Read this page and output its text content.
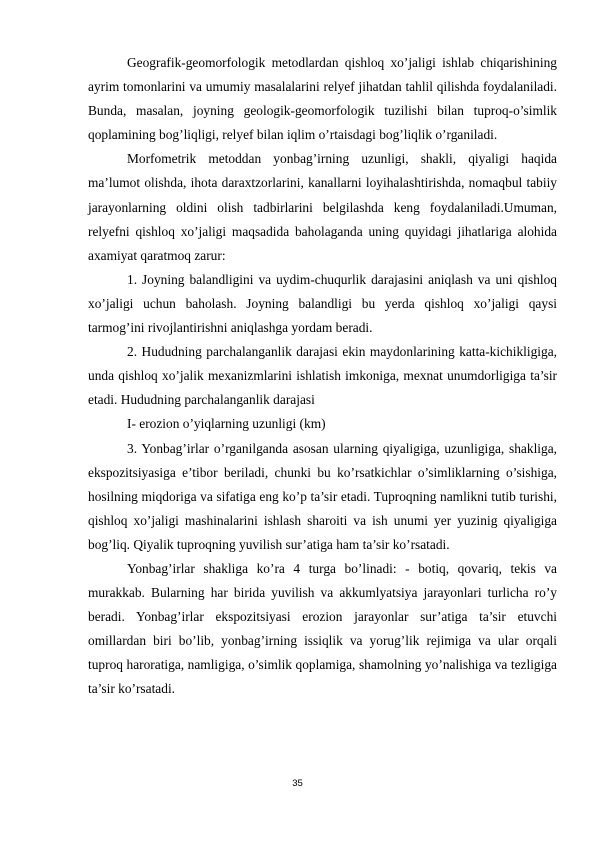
Geografik-geomorfologik metodlardan qishloq xo’jaligi ishlab chiqarishining ayrim tomonlarini va umumiy masalalarini relyef jihatdan tahlil qilishda foydalaniladi. Bunda, masalan, joyning geologik-geomorfologik tuzilishi bilan tuproq-o’simlik qoplamining bog’liqligi, relyef bilan iqlim o’rtaisdagi bog’liqlik o’rganiladi.

Morfometrik metoddan yonbag’irning uzunligi, shakli, qiyaligi haqida ma’lumot olishda, ihota daraxtzorlarini, kanallarni loyihalashtirishda, nomaqbul tabiiy jarayonlarning oldini olish tadbirlarini belgilashda keng foydalaniladi.Umuman, relyefni qishloq xo’jaligi maqsadida baholaganda uning quyidagi jihatlariga alohida axamiyat qaratmoq zarur:

1. Joyning balandligini va uydim-chuqurlik darajasini aniqlash va uni qishloq xo’jaligi uchun baholash. Joyning balandligi bu yerda qishloq xo’jaligi qaysi tarmog’ini rivojlantirishni aniqlashga yordam beradi.

2. Hududning parchalanganlik darajasi ekin maydonlarining katta-kichikligiga, unda qishloq xo’jalik mexanizmlarini ishlatish imkoniga, mexnat unumdorligiga ta’sir etadi. Hududning parchalanganlik darajasi

I- erozion o’yiqlarning uzunligi (km)

3. Yonbag’irlar o’rganilganda asosan ularning qiyaligiga, uzunligiga, shakliga, ekspozitsiyasiga e’tibor beriladi, chunki bu ko’rsatkichlar o’simliklarning o’sishiga, hosilning miqdoriga va sifatiga eng ko’p ta’sir etadi. Tuproqning namlikni tutib turishi, qishloq xo’jaligi mashinalarini ishlash sharoiti va ish unumi yer yuzinig qiyaligiga bog’liq. Qiyalik tuproqning yuvilish sur’atiga ham ta’sir ko’rsatadi.

Yonbag’irlar shakliga ko’ra 4 turga bo’linadi: - botiq, qovariq, tekis va murakkab. Bularning har birida yuvilish va akkumlyatsiya jarayonlari turlicha ro’y beradi. Yonbag’irlar ekspozitsiyasi erozion jarayonlar sur’atiga ta’sir etuvchi omillardan biri bo’lib, yonbag’irning issiqlik va yorug’lik rejimiga va ular orqali tuproq haroratiga, namligiga, o’simlik qoplamiga, shamolning yo’nalishiga va tezligiga ta’sir ko’rsatadi.

35
